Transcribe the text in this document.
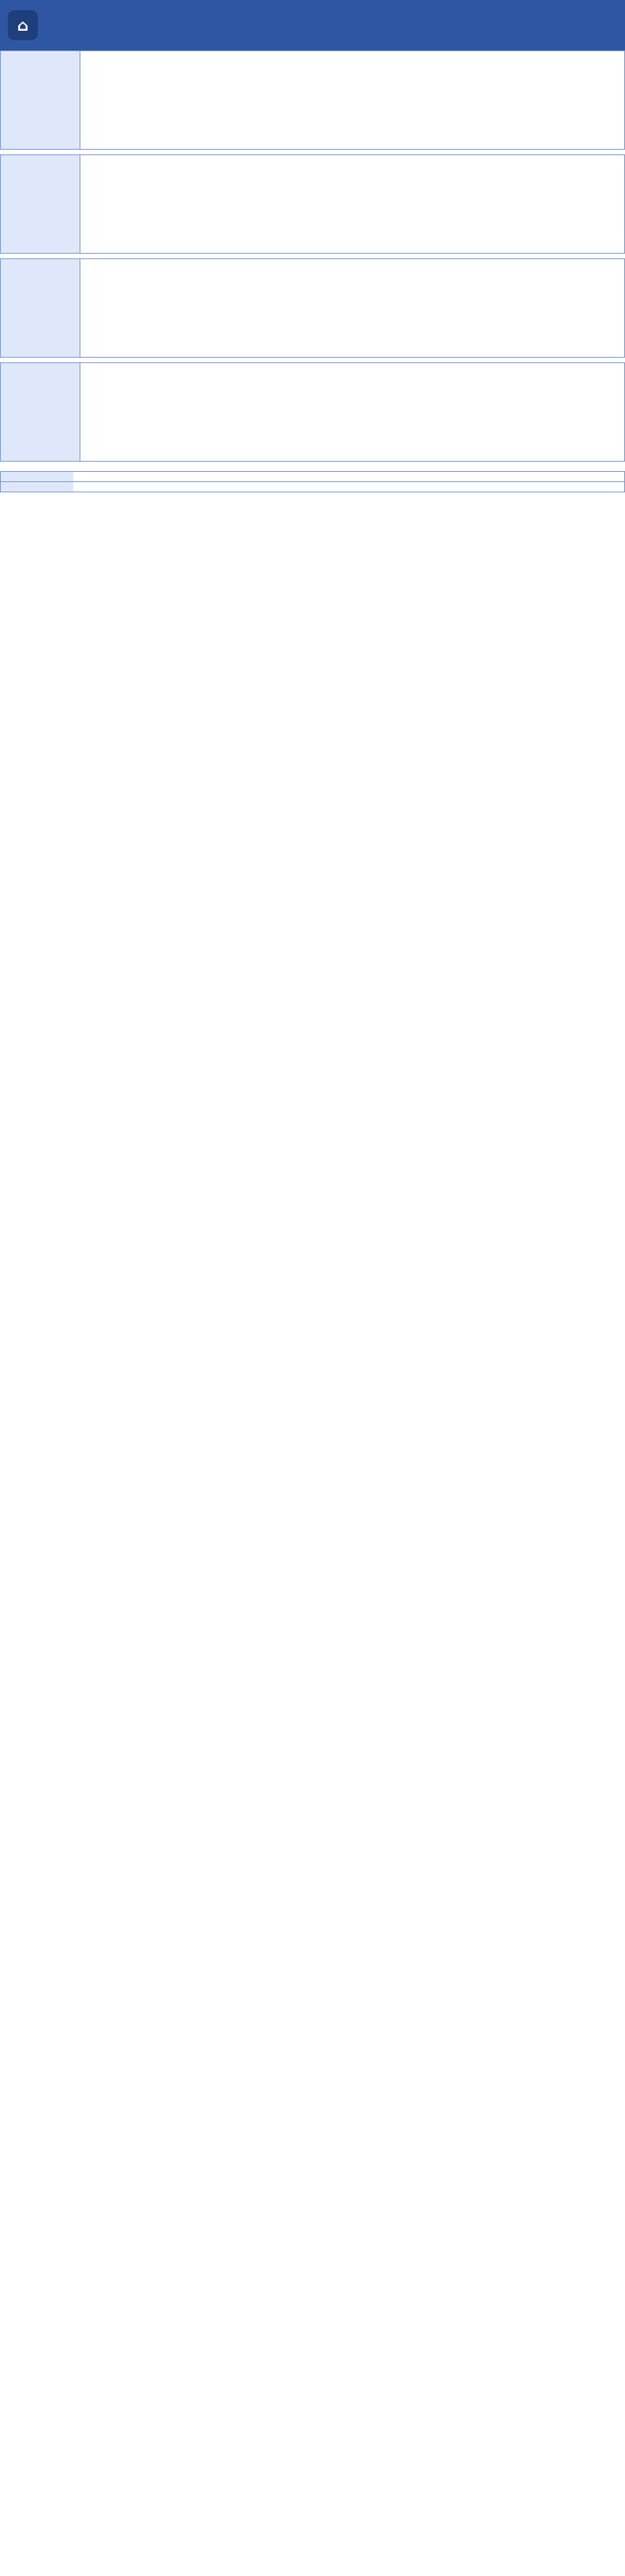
⌂
